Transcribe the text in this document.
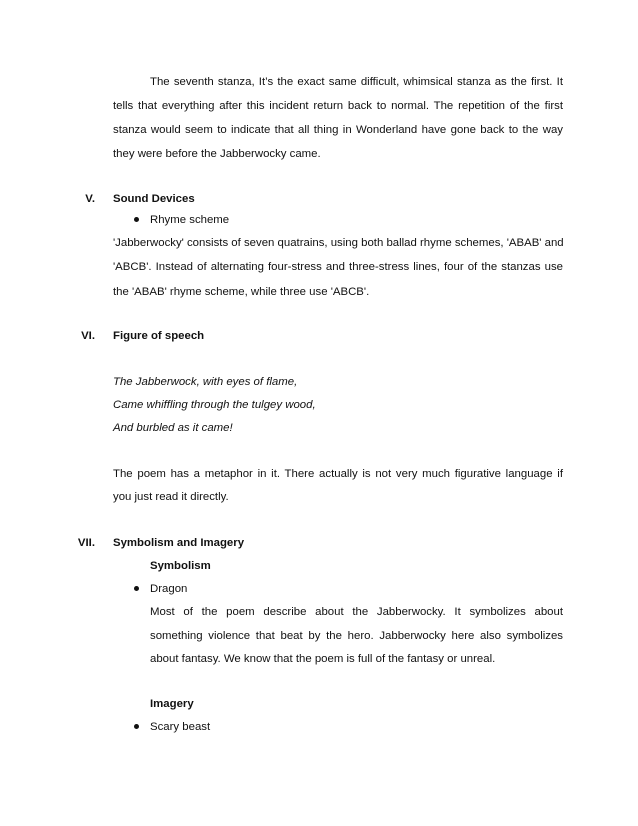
The seventh stanza, It’s the exact same difficult, whimsical stanza as the first. It
tells that everything after this incident return back to normal. The repetition of the first
stanza would seem to indicate that all thing in Wonderland have gone back to the way
they were before the Jabberwocky came.
V. Sound Devices
Rhyme scheme
'Jabberwocky' consists of seven quatrains, using both ballad rhyme schemes, 'ABAB' and
'ABCB'. Instead of alternating four-stress and three-stress lines, four of the stanzas use
the 'ABAB' rhyme scheme, while three use 'ABCB'.
VI. Figure of speech
The Jabberwock, with eyes of flame,
Came whiffling through the tulgey wood,
And burbled as it came!
The poem has a metaphor in it. There actually is not very much figurative language if
you just read it directly.
VII. Symbolism and Imagery
Symbolism
Dragon
Most of the poem describe about the Jabberwocky. It symbolizes about
something violence that beat by the hero. Jabberwocky here also symbolizes
about fantasy. We know that the poem is full of the fantasy or unreal.
Imagery
Scary beast
